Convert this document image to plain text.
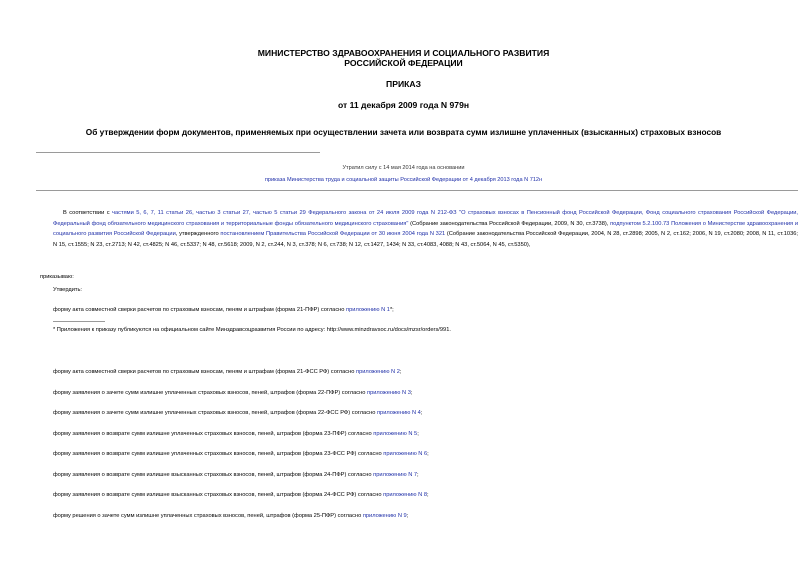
МИНИСТЕРСТВО ЗДРАВООХРАНЕНИЯ И СОЦИАЛЬНОГО РАЗВИТИЯ
РОССИЙСКОЙ ФЕДЕРАЦИИ
ПРИКАЗ
от 11 декабря 2009 года N 979н
Об утверждении форм документов, применяемых при осуществлении зачета или возврата сумм излишне уплаченных (взысканных) страховых взносов
Утратил силу с 14 мая 2014 года на основании
приказа Министерства труда и социальной защиты Российской Федерации от 4 декабря 2013 года N 712н
В соответствии с частями 5, 6, 7, 11 статьи 26, частью 3 статьи 27, частью 5 статьи 29 Федерального закона от 24 июля 2009 года N 212-ФЗ "О страховых взносах в Пенсионный фонд Российской Федерации, Фонд социального страхования Российской Федерации, Федеральный фонд обязательного медицинского страхования и территориальные фонды обязательного медицинского страхования" (Собрание законодательства Российской Федерации, 2009, N 30, ст.3738), подпунктом 5.2.100.73 Положения о Министерстве здравоохранения и социального развития Российской Федерации, утвержденного постановлением Правительства Российской Федерации от 30 июня 2004 года N 321 (Собрание законодательства Российской Федерации, 2004, N 28, ст.2898; 2005, N 2, ст.162; 2006, N 19, ст.2080; 2008, N 11, ст.1036; N 15, ст.1555; N 23, ст.2713; N 42, ст.4825; N 46, ст.5337; N 48, ст.5618; 2009, N 2, ст.244, N 3, ст.378; N 6, ст.738; N 12, ст.1427, 1434; N 33, ст.4083, 4088; N 43, ст.5064, N 45, ст.5350),
приказываю:
Утвердить:
форму акта совместной сверки расчетов по страховым взносам, пеням и штрафам (форма 21-ПФР) согласно приложению N 1*;
* Приложения к приказу публикуются на официальном сайте Минздравсоцразвития России по адресу: http://www.minzdravsoc.ru/docs/mzsr/orders/991.
форму акта совместной сверки расчетов по страховым взносам, пеням и штрафам (форма 21-ФСС РФ) согласно приложению N 2;
форму заявления о зачете сумм излишне уплаченных страховых взносов, пеней, штрафов (форма 22-ПФР) согласно приложению N 3;
форму заявления о зачете сумм излишне уплаченных страховых взносов, пеней, штрафов (форма 22-ФСС РФ) согласно приложению N 4;
форму заявления о возврате сумм излишне уплаченных страховых взносов, пеней, штрафов (форма 23-ПФР) согласно приложению N 5;
форму заявления о возврате сумм излишне уплаченных страховых взносов, пеней, штрафов (форма 23-ФСС РФ) согласно приложению N 6;
форму заявления о возврате сумм излишне взысканных страховых взносов, пеней, штрафов (форма 24-ПФР) согласно приложению N 7;
форму заявления о возврате сумм излишне взысканных страховых взносов, пеней, штрафов (форма 24-ФСС РФ) согласно приложению N 8;
форму решения о зачете сумм излишне уплаченных страховых взносов, пеней, штрафов (форма 25-ПФР) согласно приложению N 9;
